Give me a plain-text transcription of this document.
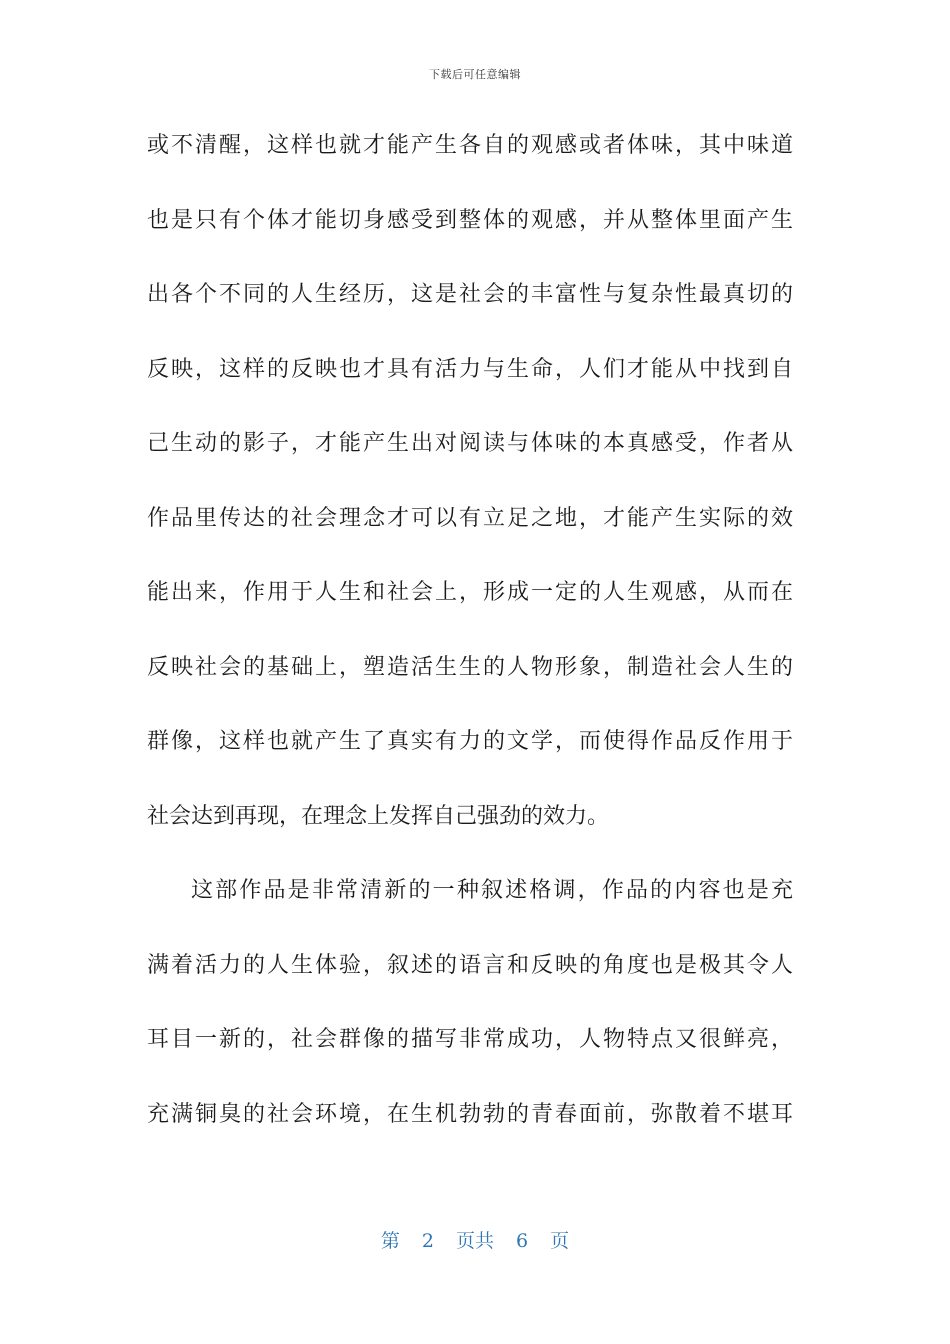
下载后可任意编辑
或不清醒，这样也就才能产生各自的观感或者体味，其中味道
也是只有个体才能切身感受到整体的观感，并从整体里面产生
出各个不同的人生经历，这是社会的丰富性与复杂性最真切的
反映，这样的反映也才具有活力与生命，人们才能从中找到自
己生动的影子，才能产生出对阅读与体味的本真感受，作者从
作品里传达的社会理念才可以有立足之地，才能产生实际的效
能出来，作用于人生和社会上，形成一定的人生观感，从而在
反映社会的基础上，塑造活生生的人物形象，制造社会人生的
群像，这样也就产生了真实有力的文学，而使得作品反作用于
社会达到再现，在理念上发挥自己强劲的效力。
这部作品是非常清新的一种叙述格调，作品的内容也是充
满着活力的人生体验，叙述的语言和反映的角度也是极其令人
耳目一新的，社会群像的描写非常成功，人物特点又很鲜亮，
充满铜臭的社会环境，在生机勃勃的青春面前，弥散着不堪耳
第 2 页共 6 页
